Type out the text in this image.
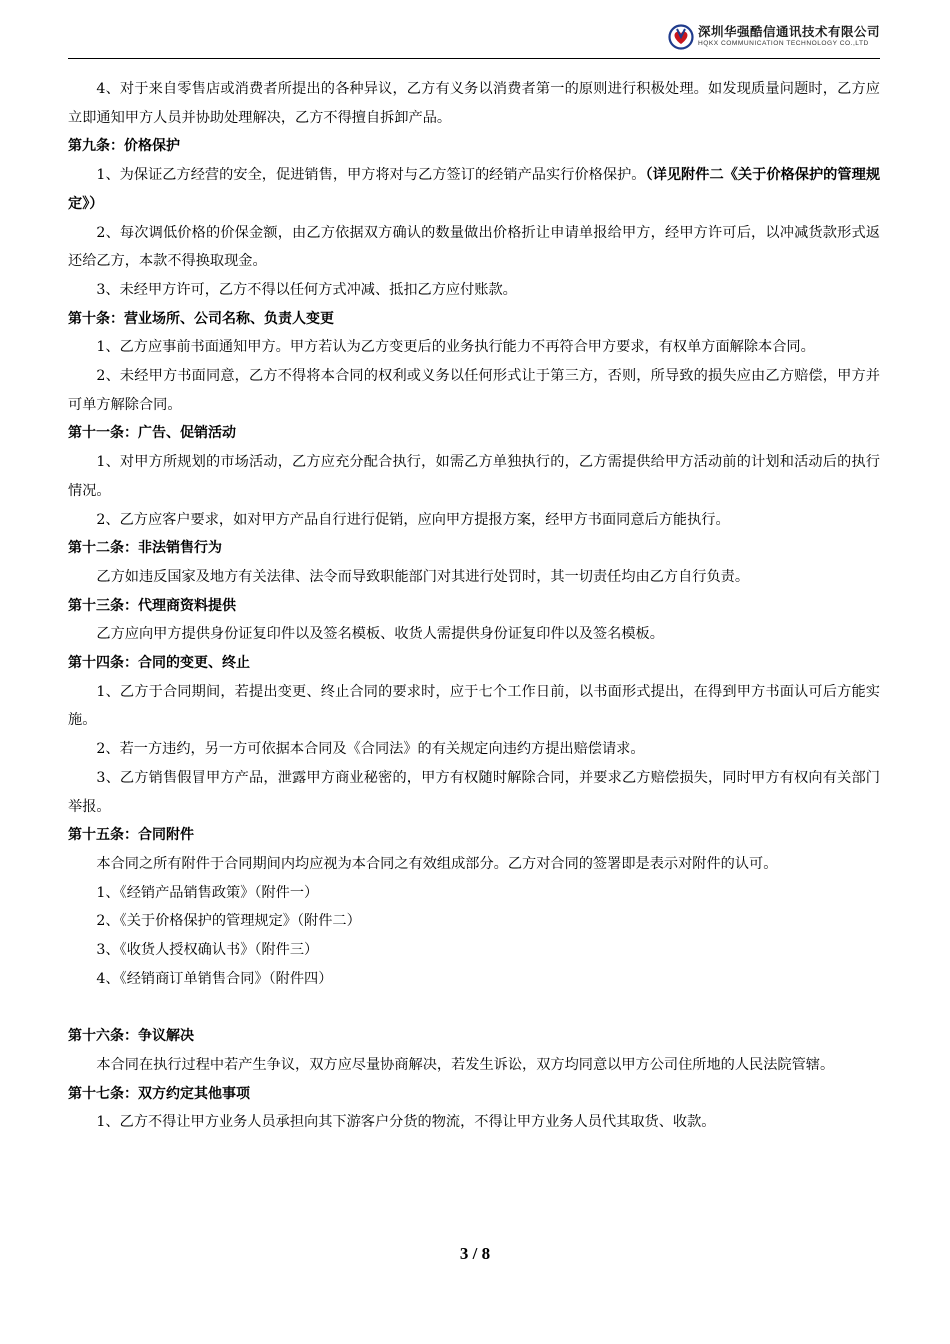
深圳华强酷信通讯技术有限公司
HQKX COMMUNICATION TECHNOLOGY CO.,LTD

4、对于来自零售店或消费者所提出的各种异议，乙方有义务以消费者第一的原则进行积极处理。如发现质量问题时，乙方应立即通知甲方人员并协助处理解决，乙方不得擅自拆卸产品。

第九条：价格保护

1、为保证乙方经营的安全，促进销售，甲方将对与乙方签订的经销产品实行价格保护。（详见附件二《关于价格保护的管理规定》）

2、每次调低价格的价保金额，由乙方依据双方确认的数量做出价格折让申请单报给甲方，经甲方许可后，以冲减货款形式返还给乙方，本款不得换取现金。

3、未经甲方许可，乙方不得以任何方式冲减、抵扣乙方应付账款。

第十条：营业场所、公司名称、负责人变更

1、乙方应事前书面通知甲方。甲方若认为乙方变更后的业务执行能力不再符合甲方要求，有权单方面解除本合同。

2、未经甲方书面同意，乙方不得将本合同的权利或义务以任何形式让于第三方，否则，所导致的损失应由乙方赔偿，甲方并可单方解除合同。

第十一条：广告、促销活动

1、对甲方所规划的市场活动，乙方应充分配合执行，如需乙方单独执行的，乙方需提供给甲方活动前的计划和活动后的执行情况。

2、乙方应客户要求，如对甲方产品自行进行促销，应向甲方提报方案，经甲方书面同意后方能执行。

第十二条：非法销售行为

乙方如违反国家及地方有关法律、法令而导致职能部门对其进行处罚时，其一切责任均由乙方自行负责。

第十三条：代理商资料提供

乙方应向甲方提供身份证复印件以及签名模板、收货人需提供身份证复印件以及签名模板。

第十四条：合同的变更、终止

1、乙方于合同期间，若提出变更、终止合同的要求时，应于七个工作日前，以书面形式提出，在得到甲方书面认可后方能实施。

2、若一方违约，另一方可依据本合同及《合同法》的有关规定向违约方提出赔偿请求。

3、乙方销售假冒甲方产品，泄露甲方商业秘密的，甲方有权随时解除合同，并要求乙方赔偿损失，同时甲方有权向有关部门举报。

第十五条：合同附件

本合同之所有附件于合同期间内均应视为本合同之有效组成部分。乙方对合同的签署即是表示对附件的认可。

1、《经销产品销售政策》（附件一）

2、《关于价格保护的管理规定》（附件二）

3、《收货人授权确认书》（附件三）

4、《经销商订单销售合同》（附件四）

第十六条：争议解决

本合同在执行过程中若产生争议，双方应尽量协商解决，若发生诉讼，双方均同意以甲方公司住所地的人民法院管辖。

第十七条：双方约定其他事项

1、乙方不得让甲方业务人员承担向其下游客户分货的物流，不得让甲方业务人员代其取货、收款。

3 / 8
